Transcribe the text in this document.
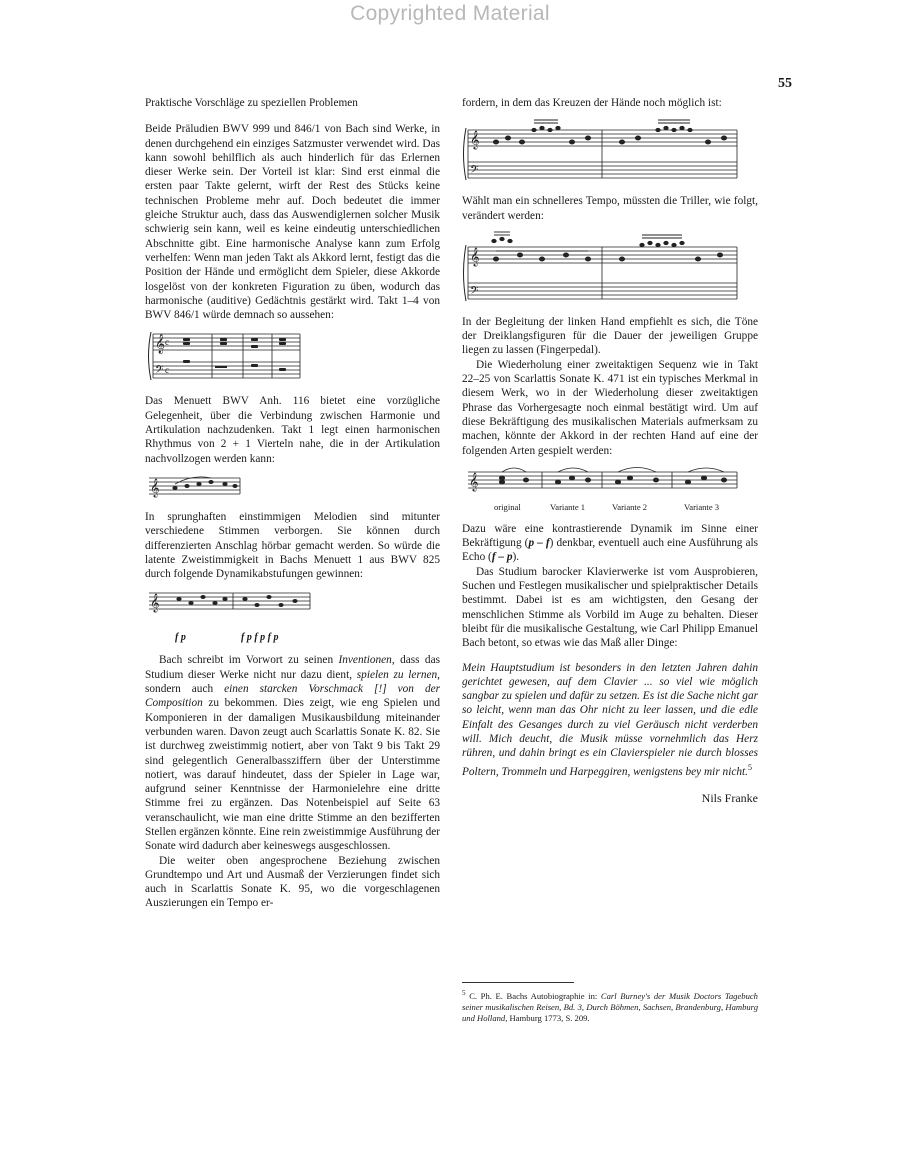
Copyrighted Material
55

Praktische Vorschläge zu speziellen Problemen

Beide Präludien BWV 999 und 846/1 von Bach sind Werke, in denen durchgehend ein einziges Satzmuster verwendet wird. Das kann sowohl behilflich als auch hinderlich für das Erlernen dieser Werke sein. Der Vorteil ist klar: Sind erst einmal die ersten paar Takte gelernt, wirft der Rest des Stücks keine technischen Probleme mehr auf. Doch bedeutet die immer gleiche Struktur auch, dass das Auswendiglernen solcher Musik schwierig sein kann, weil es keine eindeutig unterschiedlichen Abschnitte gibt. Eine harmonische Analyse kann zum Erfolg verhelfen: Wenn man jeden Takt als Akkord lernt, festigt das die Position der Hände und ermöglicht dem Spieler, diese Akkorde losgelöst von der konkreten Figuration zu üben, wodurch das harmonische (auditive) Gedächtnis gestärkt wird. Takt 1–4 von BWV 846/1 würde demnach so aussehen:

𝄞 c
𝄢 c

Das Menuett BWV Anh. 116 bietet eine vorzügliche Gelegenheit, über die Verbindung zwischen Harmonie und Artikulation nachzudenken. Takt 1 legt einen harmonischen Rhythmus von 2 + 1 Vierteln nahe, die in der Artikulation nachvollzogen werden kann:

𝄞

In sprunghaften einstimmigen Melodien sind mitunter verschiedene Stimmen verborgen. Sie können durch differenzierten Anschlag hörbar gemacht werden. So würde die latente Zweistimmigkeit in Bachs Menuett 1 aus BWV 825 durch folgende Dynamikabstufungen gewinnen:

𝄞
f p	f p f p f p

Bach schreibt im Vorwort zu seinen Inventionen, dass das Studium dieser Werke nicht nur dazu dient, spielen zu lernen, sondern auch einen starcken Vorschmack [!] von der Composition zu bekommen. Dies zeigt, wie eng Spielen und Komponieren in der damaligen Musikausbildung miteinander verbunden waren. Davon zeugt auch Scarlattis Sonate K. 82. Sie ist durchweg zweistimmig notiert, aber von Takt 9 bis Takt 29 sind gelegentlich Generalbassziffern über der Unterstimme notiert, was darauf hindeutet, dass der Spieler in Lage war, aufgrund seiner Kenntnisse der Harmonielehre eine dritte Stimme frei zu ergänzen. Das Notenbeispiel auf Seite 63 veranschaulicht, wie man eine dritte Stimme an den bezifferten Stellen ergänzen könnte. Eine rein zweistimmige Ausführung der Sonate wird dadurch aber keineswegs ausgeschlossen.

Die weiter oben angesprochene Beziehung zwischen Grundtempo und Art und Ausmaß der Verzierungen findet sich auch in Scarlattis Sonate K. 95, wo die vorgeschlagenen Auszierungen ein Tempo er-

fordern, in dem das Kreuzen der Hände noch möglich ist:

𝄞
𝄢

Wählt man ein schnelleres Tempo, müssten die Triller, wie folgt, verändert werden:

𝄞
𝄢

In der Begleitung der linken Hand empfiehlt es sich, die Töne der Dreiklangsfiguren für die Dauer der jeweiligen Gruppe liegen zu lassen (Fingerpedal).

Die Wiederholung einer zweitaktigen Sequenz wie in Takt 22–25 von Scarlattis Sonate K. 471 ist ein typisches Merkmal in diesem Werk, wo in der Wiederholung dieser zweitaktigen Phrase das Vorhergesagte noch einmal bestätigt wird. Um auf diese Bekräftigung des musikalischen Materials aufmerksam zu machen, könnte der Akkord in der rechten Hand auf eine der folgenden Arten gespielt werden:

𝄞
original	Variante 1	Variante 2	Variante 3

Dazu wäre eine kontrastierende Dynamik im Sinne einer Bekräftigung (p – f) denkbar, eventuell auch eine Ausführung als Echo (f – p).

Das Studium barocker Klavierwerke ist vom Ausprobieren, Suchen und Festlegen musikalischer und spielpraktischer Details bestimmt. Dabei ist es am wichtigsten, den Gesang der menschlichen Stimme als Vorbild im Auge zu behalten. Dieser bleibt für die musikalische Gestaltung, wie Carl Philipp Emanuel Bach betont, so etwas wie das Maß aller Dinge:

Mein Hauptstudium ist besonders in den letzten Jahren dahin gerichtet gewesen, auf dem Clavier ... so viel wie möglich sangbar zu spielen und dafür zu setzen. Es ist die Sache nicht gar so leicht, wenn man das Ohr nicht zu leer lassen, und die edle Einfalt des Gesanges durch zu viel Geräusch nicht verderben will. Mich deucht, die Musik müsse vornehmlich das Herz rühren, und dahin bringt es ein Clavierspieler nie durch blosses Poltern, Trommeln und Harpeggiren, wenigstens bey mir nicht.$^5$

Nils Franke

$^5$ C. Ph. E. Bachs Autobiographie in: Carl Burney's der Musik Doctors Tagebuch seiner musikalischen Reisen, Bd. 3, Durch Böhmen, Sachsen, Brandenburg, Hamburg und Holland, Hamburg 1773, S. 209.
